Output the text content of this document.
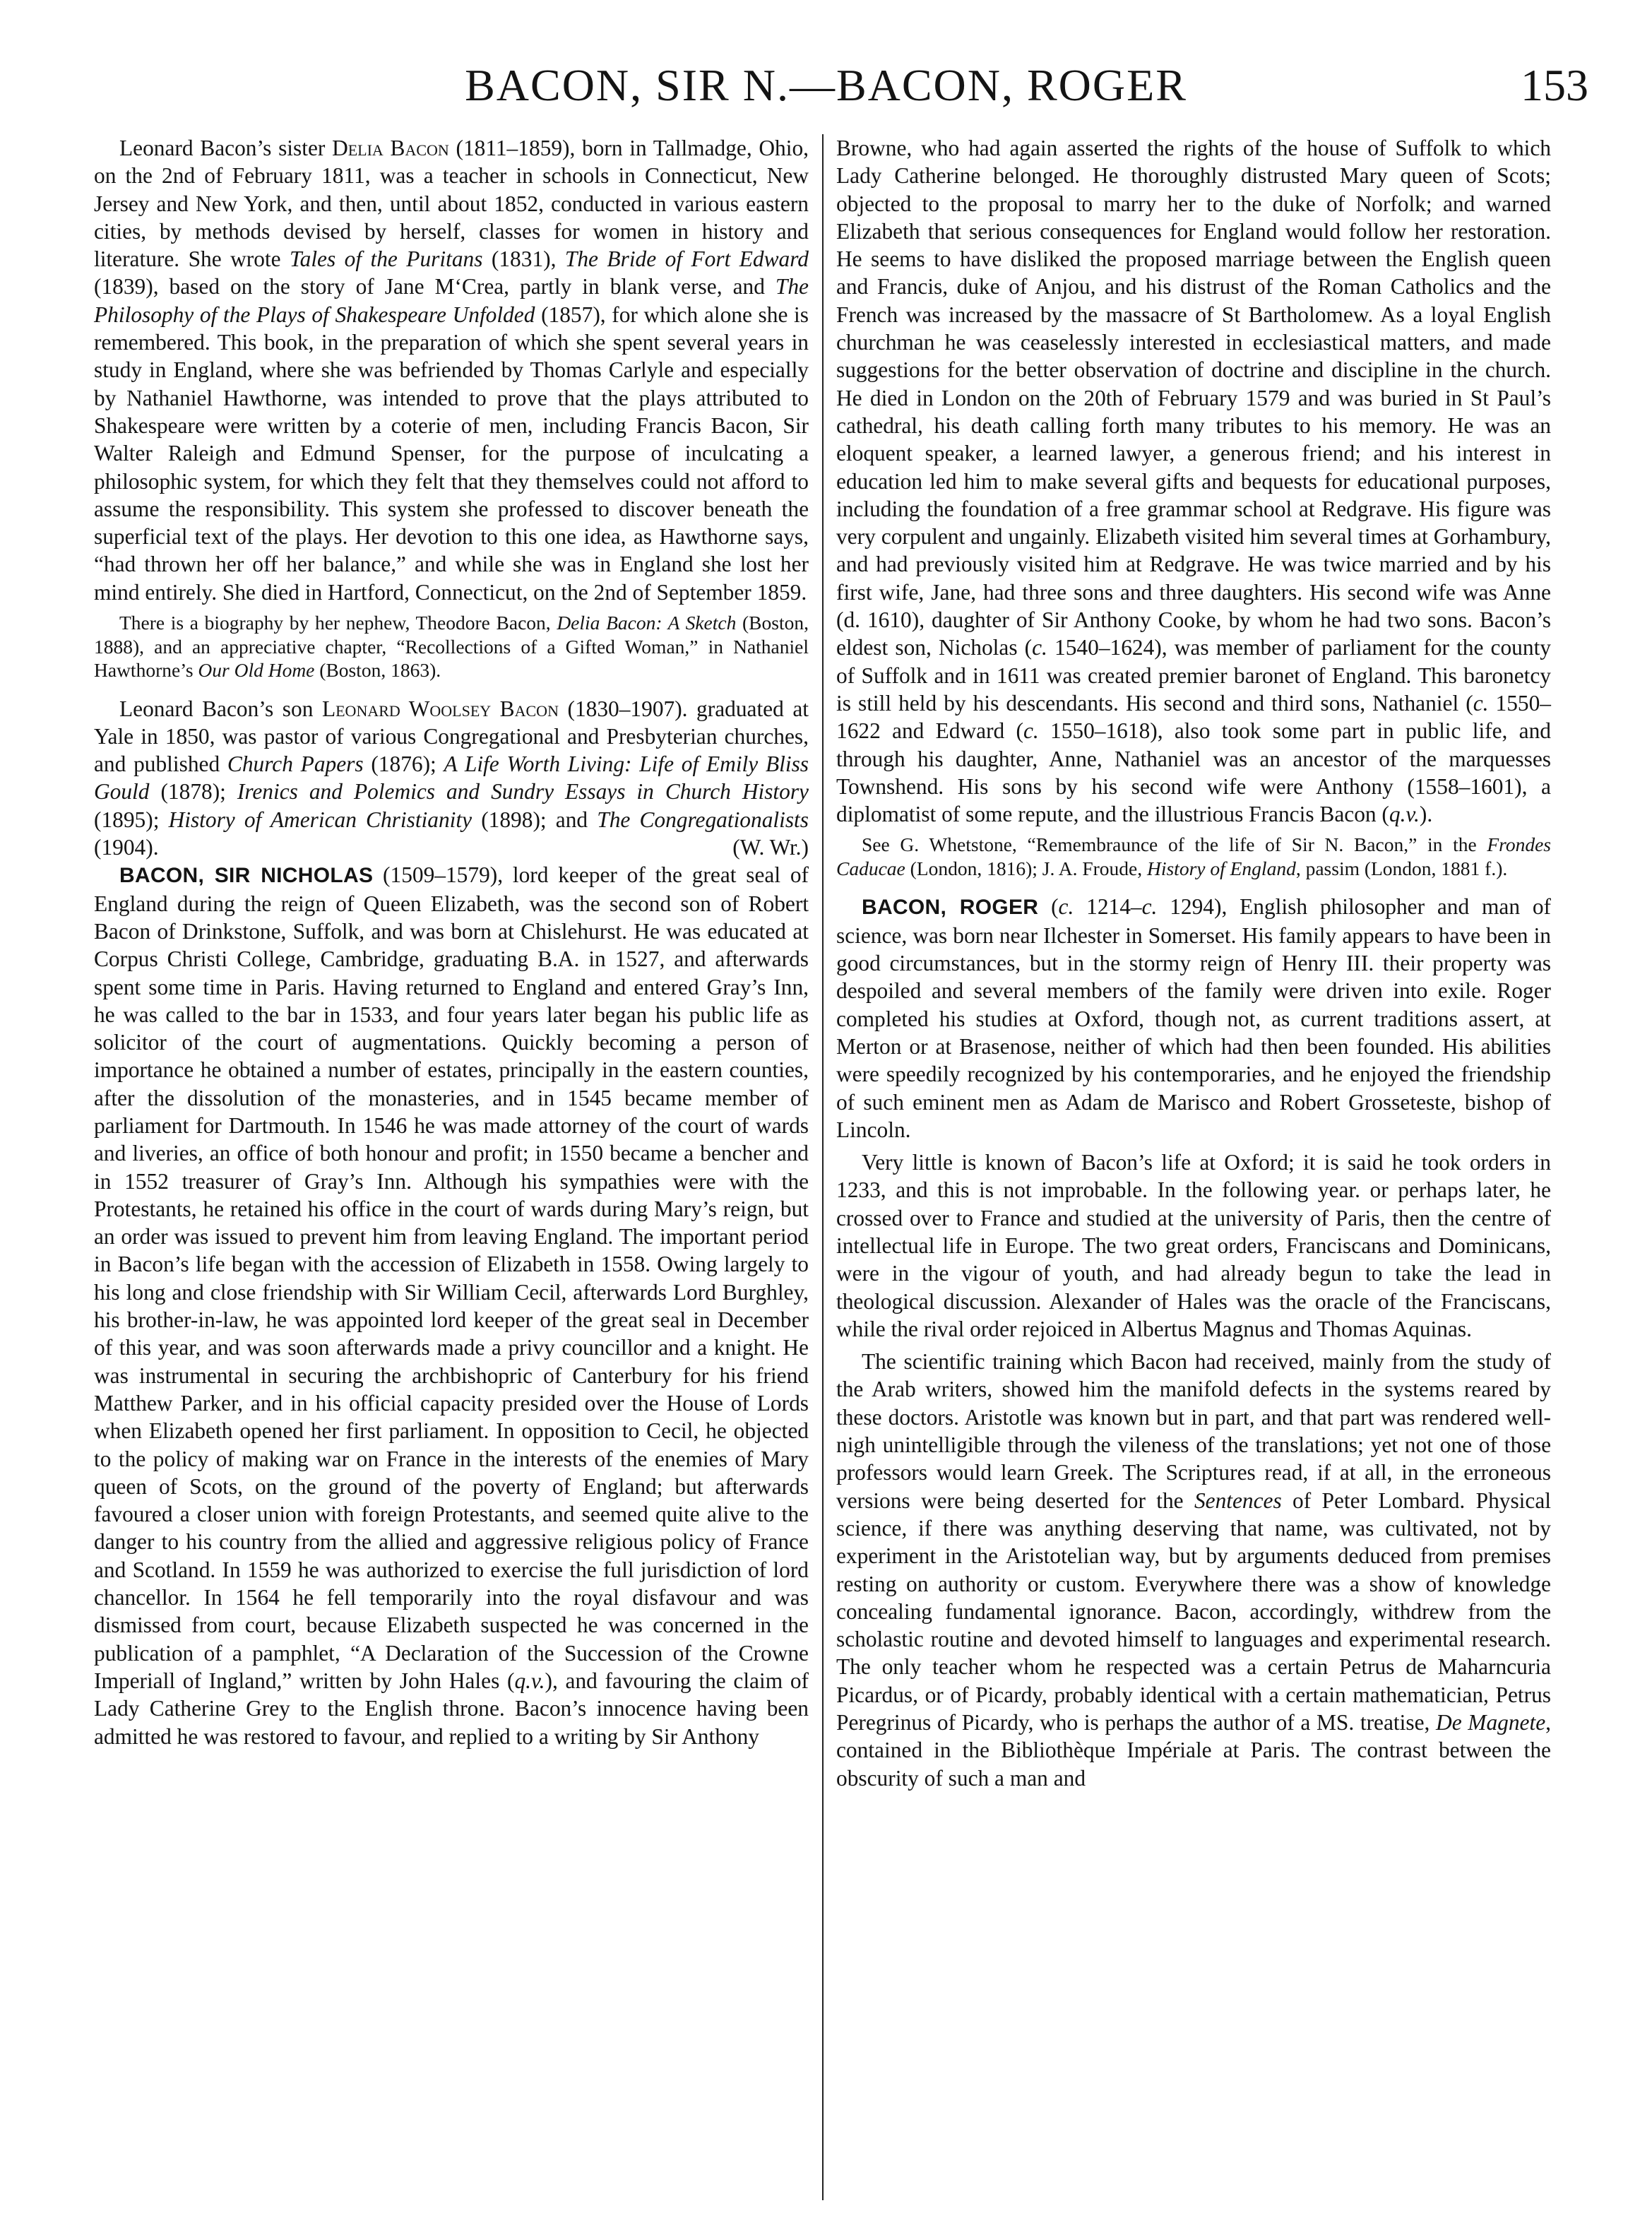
BACON, SIR N.—BACON, ROGER	153

Leonard Bacon’s sister Delia Bacon (1811–1859), born in Tallmadge, Ohio, on the 2nd of February 1811, was a teacher in schools in Connecticut, New Jersey and New York, and then, until about 1852, conducted in various eastern cities, by methods devised by herself, classes for women in history and literature. She wrote Tales of the Puritans (1831), The Bride of Fort Edward (1839), based on the story of Jane M‘Crea, partly in blank verse, and The Philosophy of the Plays of Shakespeare Unfolded (1857), for which alone she is remembered. This book, in the preparation of which she spent several years in study in England, where she was befriended by Thomas Carlyle and especially by Nathaniel Hawthorne, was intended to prove that the plays attributed to Shakespeare were written by a coterie of men, including Francis Bacon, Sir Walter Raleigh and Edmund Spenser, for the purpose of inculcating a philosophic system, for which they felt that they themselves could not afford to assume the responsibility. This system she professed to discover beneath the superficial text of the plays. Her devotion to this one idea, as Hawthorne says, “had thrown her off her balance,” and while she was in England she lost her mind entirely. She died in Hartford, Connecticut, on the 2nd of September 1859.

There is a biography by her nephew, Theodore Bacon, Delia Bacon: A Sketch (Boston, 1888), and an appreciative chapter, “Recollections of a Gifted Woman,” in Nathaniel Hawthorne’s Our Old Home (Boston, 1863).

Leonard Bacon’s son Leonard Woolsey Bacon (1830–1907). graduated at Yale in 1850, was pastor of various Congregational and Presbyterian churches, and published Church Papers (1876); A Life Worth Living: Life of Emily Bliss Gould (1878); Irenics and Polemics and Sundry Essays in Church History (1895); History of American Christianity (1898); and The Congregationalists (1904).	(W. Wr.)

BACON, SIR NICHOLAS (1509–1579), lord keeper of the great seal of England during the reign of Queen Elizabeth, was the second son of Robert Bacon of Drinkstone, Suffolk, and was born at Chislehurst. He was educated at Corpus Christi College, Cambridge, graduating B.A. in 1527, and afterwards spent some time in Paris. Having returned to England and entered Gray’s Inn, he was called to the bar in 1533, and four years later began his public life as solicitor of the court of augmentations. Quickly becoming a person of importance he obtained a number of estates, principally in the eastern counties, after the dissolution of the monasteries, and in 1545 became member of parliament for Dartmouth. In 1546 he was made attorney of the court of wards and liveries, an office of both honour and profit; in 1550 became a bencher and in 1552 treasurer of Gray’s Inn. Although his sympathies were with the Protestants, he retained his office in the court of wards during Mary’s reign, but an order was issued to prevent him from leaving England. The important period in Bacon’s life began with the accession of Elizabeth in 1558. Owing largely to his long and close friendship with Sir William Cecil, afterwards Lord Burghley, his brother-in-law, he was appointed lord keeper of the great seal in December of this year, and was soon afterwards made a privy councillor and a knight. He was instrumental in securing the archbishopric of Canterbury for his friend Matthew Parker, and in his official capacity presided over the House of Lords when Elizabeth opened her first parliament. In opposition to Cecil, he objected to the policy of making war on France in the interests of the enemies of Mary queen of Scots, on the ground of the poverty of England; but afterwards favoured a closer union with foreign Protestants, and seemed quite alive to the danger to his country from the allied and aggressive religious policy of France and Scotland. In 1559 he was authorized to exercise the full jurisdiction of lord chancellor. In 1564 he fell temporarily into the royal disfavour and was dismissed from court, because Elizabeth suspected he was concerned in the publication of a pamphlet, “A Declaration of the Succession of the Crowne Imperiall of Ingland,” written by John Hales (q.v.), and favouring the claim of Lady Catherine Grey to the English throne. Bacon’s innocence having been admitted he was restored to favour, and replied to a writing by Sir Anthony

Browne, who had again asserted the rights of the house of Suffolk to which Lady Catherine belonged. He thoroughly distrusted Mary queen of Scots; objected to the proposal to marry her to the duke of Norfolk; and warned Elizabeth that serious consequences for England would follow her restoration. He seems to have disliked the proposed marriage between the English queen and Francis, duke of Anjou, and his distrust of the Roman Catholics and the French was increased by the massacre of St Bartholomew. As a loyal English churchman he was ceaselessly interested in ecclesiastical matters, and made suggestions for the better observation of doctrine and discipline in the church. He died in London on the 20th of February 1579 and was buried in St Paul’s cathedral, his death calling forth many tributes to his memory. He was an eloquent speaker, a learned lawyer, a generous friend; and his interest in education led him to make several gifts and bequests for educational purposes, including the foundation of a free grammar school at Redgrave. His figure was very corpulent and ungainly. Elizabeth visited him several times at Gorhambury, and had previously visited him at Redgrave. He was twice married and by his first wife, Jane, had three sons and three daughters. His second wife was Anne (d. 1610), daughter of Sir Anthony Cooke, by whom he had two sons. Bacon’s eldest son, Nicholas (c. 1540–1624), was member of parliament for the county of Suffolk and in 1611 was created premier baronet of England. This baronetcy is still held by his descendants. His second and third sons, Nathaniel (c. 1550–1622 and Edward (c. 1550–1618), also took some part in public life, and through his daughter, Anne, Nathaniel was an ancestor of the marquesses Townshend. His sons by his second wife were Anthony (1558–1601), a diplomatist of some repute, and the illustrious Francis Bacon (q.v.).

See G. Whetstone, “Remembraunce of the life of Sir N. Bacon,” in the Frondes Caducae (London, 1816); J. A. Froude, History of England, passim (London, 1881 f.).

BACON, ROGER (c. 1214–c. 1294), English philosopher and man of science, was born near Ilchester in Somerset. His family appears to have been in good circumstances, but in the stormy reign of Henry III. their property was despoiled and several members of the family were driven into exile. Roger completed his studies at Oxford, though not, as current traditions assert, at Merton or at Brasenose, neither of which had then been founded. His abilities were speedily recognized by his contemporaries, and he enjoyed the friendship of such eminent men as Adam de Marisco and Robert Grosseteste, bishop of Lincoln.

Very little is known of Bacon’s life at Oxford; it is said he took orders in 1233, and this is not improbable. In the following year. or perhaps later, he crossed over to France and studied at the university of Paris, then the centre of intellectual life in Europe. The two great orders, Franciscans and Dominicans, were in the vigour of youth, and had already begun to take the lead in theological discussion. Alexander of Hales was the oracle of the Franciscans, while the rival order rejoiced in Albertus Magnus and Thomas Aquinas.

The scientific training which Bacon had received, mainly from the study of the Arab writers, showed him the manifold defects in the systems reared by these doctors. Aristotle was known but in part, and that part was rendered well-nigh unintelligible through the vileness of the translations; yet not one of those professors would learn Greek. The Scriptures read, if at all, in the erroneous versions were being deserted for the Sentences of Peter Lombard. Physical science, if there was anything deserving that name, was cultivated, not by experiment in the Aristotelian way, but by arguments deduced from premises resting on authority or custom. Everywhere there was a show of knowledge concealing fundamental ignorance. Bacon, accordingly, withdrew from the scholastic routine and devoted himself to languages and experimental research. The only teacher whom he respected was a certain Petrus de Maharncuria Picardus, or of Picardy, probably identical with a certain mathematician, Petrus Peregrinus of Picardy, who is perhaps the author of a MS. treatise, De Magnete, contained in the Bibliothèque Impériale at Paris. The contrast between the obscurity of such a man and
